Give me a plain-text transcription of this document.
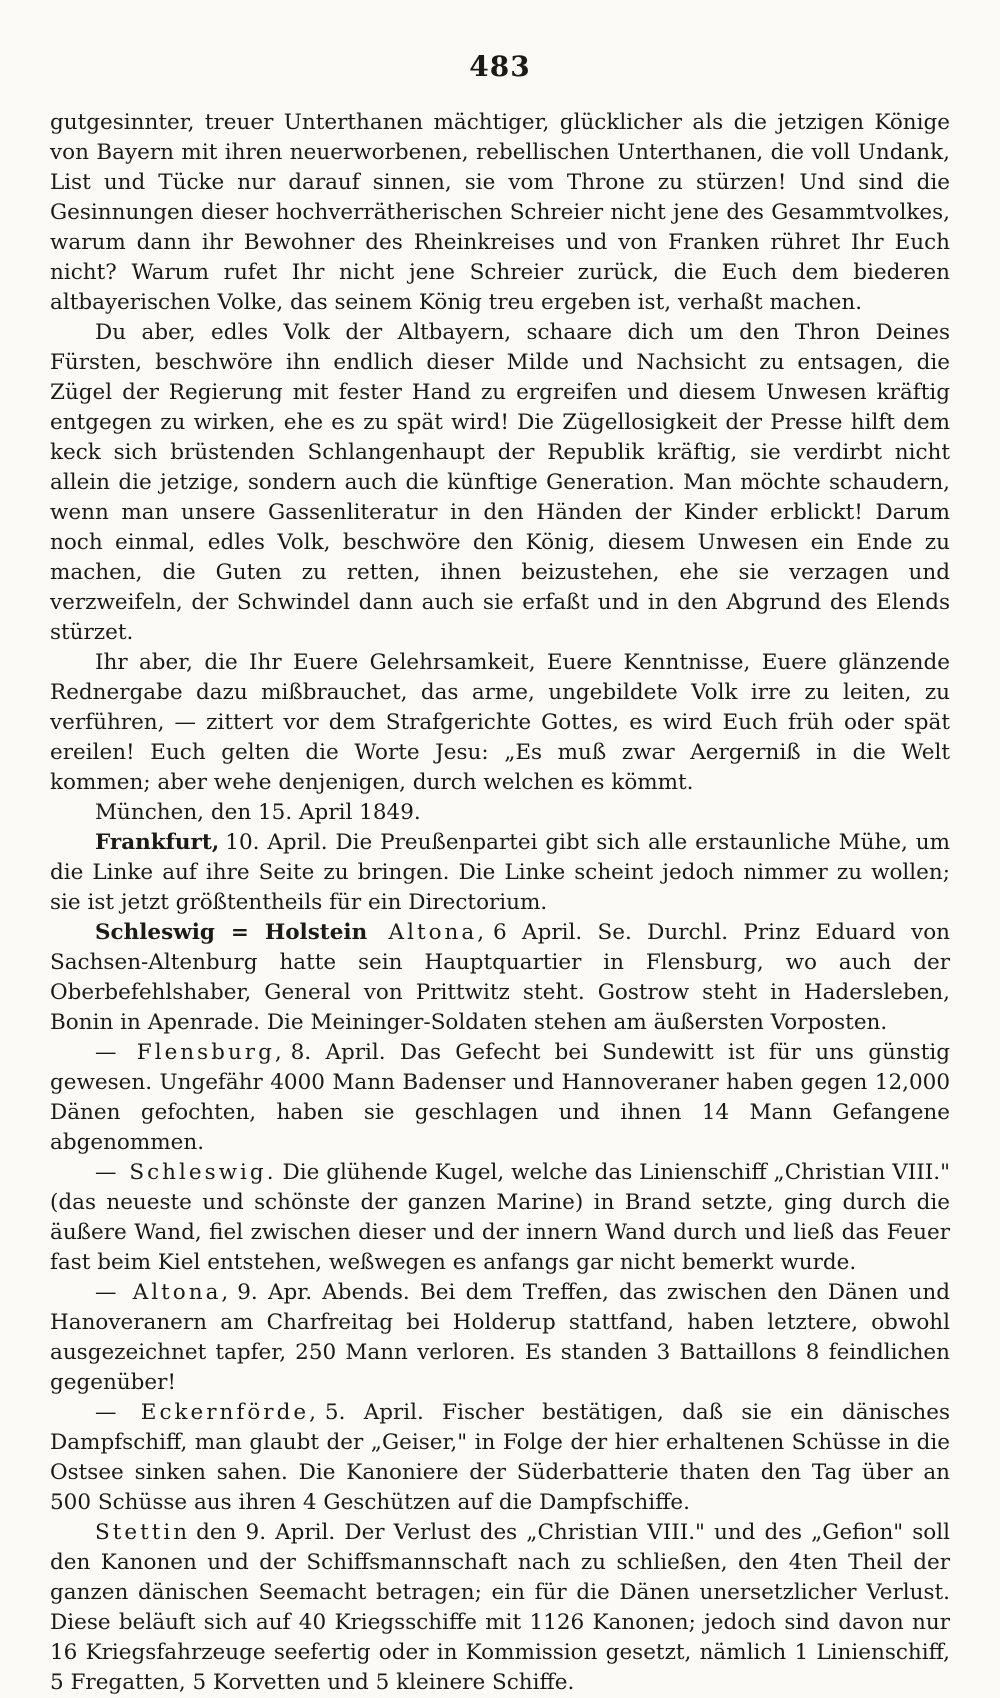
483

gutgesinnter, treuer Unterthanen mächtiger, glücklicher als die jetzigen Könige von Bayern mit ihren neuerworbenen, rebellischen Unterthanen, die voll Undank, List und Tücke nur darauf sinnen, sie vom Throne zu stürzen! Und sind die Gesinnungen dieser hochverrätherischen Schreier nicht jene des Gesammtvolkes, warum dann ihr Bewohner des Rheinkreises und von Franken rühret Ihr Euch nicht? Warum rufet Ihr nicht jene Schreier zurück, die Euch dem biederen altbayerischen Volke, das seinem König treu ergeben ist, verhaßt machen.

Du aber, edles Volk der Altbayern, schaare dich um den Thron Deines Fürsten, beschwöre ihn endlich dieser Milde und Nachsicht zu entsagen, die Zügel der Regierung mit fester Hand zu ergreifen und diesem Unwesen kräftig entgegen zu wirken, ehe es zu spät wird! Die Zügellosigkeit der Presse hilft dem keck sich brüstenden Schlangenhaupt der Republik kräftig, sie verdirbt nicht allein die jetzige, sondern auch die künftige Generation. Man möchte schaudern, wenn man unsere Gassenliteratur in den Händen der Kinder erblickt! Darum noch einmal, edles Volk, beschwöre den König, diesem Unwesen ein Ende zu machen, die Guten zu retten, ihnen beizustehen, ehe sie verzagen und verzweifeln, der Schwindel dann auch sie erfaßt und in den Abgrund des Elends stürzet.

Ihr aber, die Ihr Euere Gelehrsamkeit, Euere Kenntnisse, Euere glänzende Rednergabe dazu mißbrauchet, das arme, ungebildete Volk irre zu leiten, zu verführen, — zittert vor dem Strafgerichte Gottes, es wird Euch früh oder spät ereilen! Euch gelten die Worte Jesu: „Es muß zwar Aergerniß in die Welt kommen; aber wehe denjenigen, durch welchen es kömmt.

München, den 15. April 1849.

Frankfurt, 10. April. Die Preußenpartei gibt sich alle erstaunliche Mühe, um die Linke auf ihre Seite zu bringen. Die Linke scheint jedoch nimmer zu wollen; sie ist jetzt größtentheils für ein Directorium.

Schleswig = Holstein Altona, 6 April. Se. Durchl. Prinz Eduard von Sachsen-Altenburg hatte sein Hauptquartier in Flensburg, wo auch der Oberbefehlshaber, General von Prittwitz steht. Gostrow steht in Hadersleben, Bonin in Apenrade. Die Meininger-Soldaten stehen am äußersten Vorposten.

— Flensburg, 8. April. Das Gefecht bei Sundewitt ist für uns günstig gewesen. Ungefähr 4000 Mann Badenser und Hannoveraner haben gegen 12,000 Dänen gefochten, haben sie geschlagen und ihnen 14 Mann Gefangene abgenommen.

— Schleswig. Die glühende Kugel, welche das Linienschiff „Christian VIII." (das neueste und schönste der ganzen Marine) in Brand setzte, ging durch die äußere Wand, fiel zwischen dieser und der innern Wand durch und ließ das Feuer fast beim Kiel entstehen, weßwegen es anfangs gar nicht bemerkt wurde.

— Altona, 9. Apr. Abends. Bei dem Treffen, das zwischen den Dänen und Hanoveranern am Charfreitag bei Holderup stattfand, haben letztere, obwohl ausgezeichnet tapfer, 250 Mann verloren. Es standen 3 Battaillons 8 feindlichen gegenüber!

— Eckernförde, 5. April. Fischer bestätigen, daß sie ein dänisches Dampfschiff, man glaubt der „Geiser," in Folge der hier erhaltenen Schüsse in die Ostsee sinken sahen. Die Kanoniere der Süderbatterie thaten den Tag über an 500 Schüsse aus ihren 4 Geschützen auf die Dampfschiffe.

Stettin den 9. April. Der Verlust des „Christian VIII." und des „Gefion" soll den Kanonen und der Schiffsmannschaft nach zu schließen, den 4ten Theil der ganzen dänischen Seemacht betragen; ein für die Dänen unersetzlicher Verlust. Diese beläuft sich auf 40 Kriegsschiffe mit 1126 Kanonen; jedoch sind davon nur 16 Kriegsfahrzeuge seefertig oder in Kommission gesetzt, nämlich 1 Linienschiff, 5 Fregatten, 5 Korvetten und 5 kleinere Schiffe.
